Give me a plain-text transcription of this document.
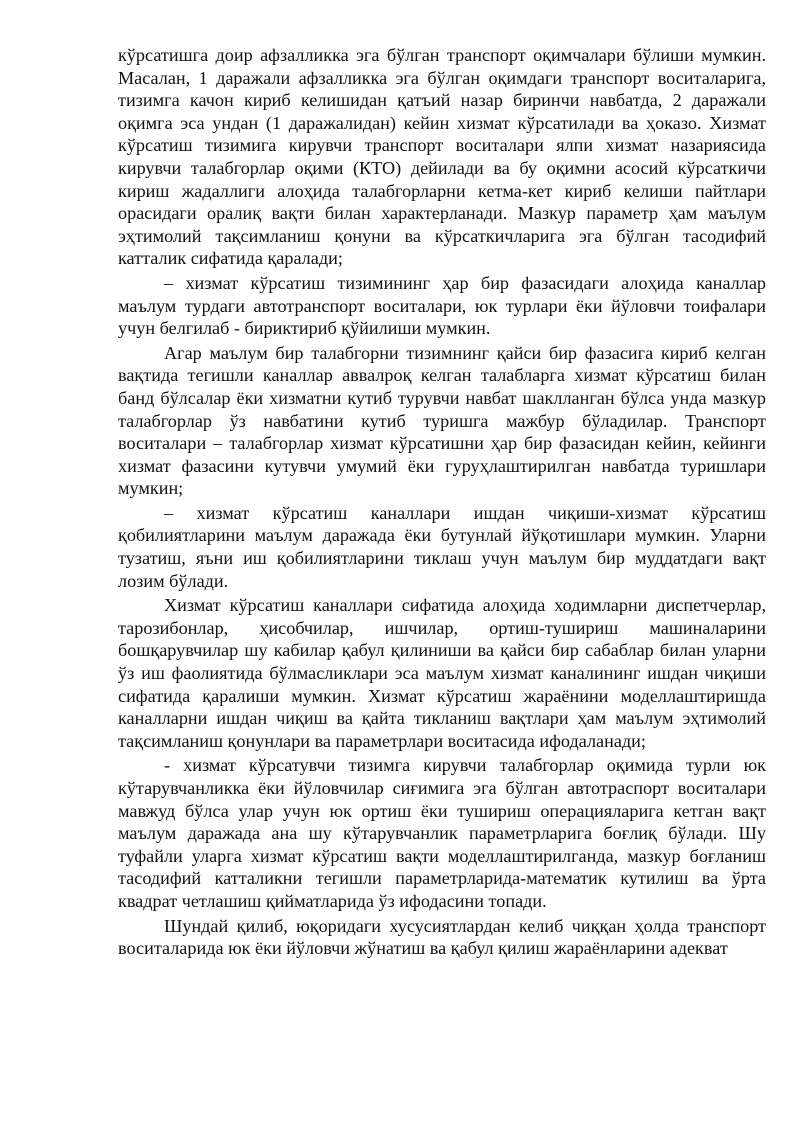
кўрсатишга доир афзалликка эга бўлган транспорт оқимчалари бўлиши мумкин. Масалан, 1 даражали афзалликка эга бўлган оқимдаги транспорт воситаларига, тизимга качон кириб келишидан қатъий назар биринчи навбатда, 2 даражали оқимга эса ундан (1 даражалидан) кейин хизмат кўрсатилади ва ҳоказо. Хизмат кўрсатиш тизимига кирувчи транспорт воситалари ялпи хизмат назариясида кирувчи талабгорлар оқими (КТО) дейилади ва бу оқимни асосий кўрсаткичи кириш жадаллиги алоҳида талабгорларни кетма-кет кириб келиши пайтлари орасидаги оралиқ вақти билан характерланади. Мазкур параметр ҳам маълум эҳтимолий тақсимланиш қонуни ва кўрсаткичларига эга бўлган тасодифий катталик сифатида қаралади;

– хизмат кўрсатиш тизимининг ҳар бир фазасидаги алоҳида каналлар маълум турдаги автотранспорт воситалари, юк турлари ёки йўловчи тоифалари учун белгилаб - бириктириб қўйилиши мумкин.

Агар маълум бир талабгорни тизимнинг қайси бир фазасига кириб келган вақтида тегишли каналлар аввалроқ келган талабларга хизмат кўрсатиш билан банд бўлсалар ёки хизматни кутиб турувчи навбат шаклланган бўлса унда мазкур талабгорлар ўз навбатини кутиб туришга мажбур бўладилар. Транспорт воситалари – талабгорлар хизмат кўрсатишни ҳар бир фазасидан кейин, кейинги хизмат фазасини кутувчи умумий ёки гуруҳлаштирилган навбатда туришлари мумкин;

– хизмат кўрсатиш каналлари ишдан чиқиши-хизмат кўрсатиш қобилиятларини маълум даражада ёки бутунлай йўқотишлари мумкин. Уларни тузатиш, яъни иш қобилиятларини тиклаш учун маълум бир муддатдаги вақт лозим бўлади.

Хизмат кўрсатиш каналлари сифатида алоҳида ходимларни диспетчерлар, тарозибонлар, ҳисобчилар, ишчилар, ортиш-тушириш машиналарини бошқарувчилар шу кабилар қабул қилиниши ва қайси бир сабаблар билан уларни ўз иш фаолиятида бўлмасликлари эса маълум хизмат каналининг ишдан чиқиши сифатида қаралиши мумкин. Хизмат кўрсатиш жараёнини моделлаштиришда каналларни ишдан чиқиш ва қайта тикланиш вақтлари ҳам маълум эҳтимолий тақсимланиш қонунлари ва параметрлари воситасида ифодаланади;

- хизмат кўрсатувчи тизимга кирувчи талабгорлар оқимида турли юк кўтарувчанликка ёки йўловчилар сиғимига эга бўлган автотраспорт воситалари мавжуд бўлса улар учун юк ортиш ёки тушириш операцияларига кетган вақт маълум даражада ана шу кўтарувчанлик параметрларига боғлиқ бўлади. Шу туфайли уларга хизмат кўрсатиш вақти моделлаштирилганда, мазкур боғланиш тасодифий катталикни тегишли параметрларида-математик кутилиш ва ўрта квадрат четлашиш қийматларида ўз ифодасини топади.

Шундай қилиб, юқоридаги хусусиятлардан келиб чиққан ҳолда транспорт воситаларида юк ёки йўловчи жўнатиш ва қабул қилиш жараёнларини адекват
